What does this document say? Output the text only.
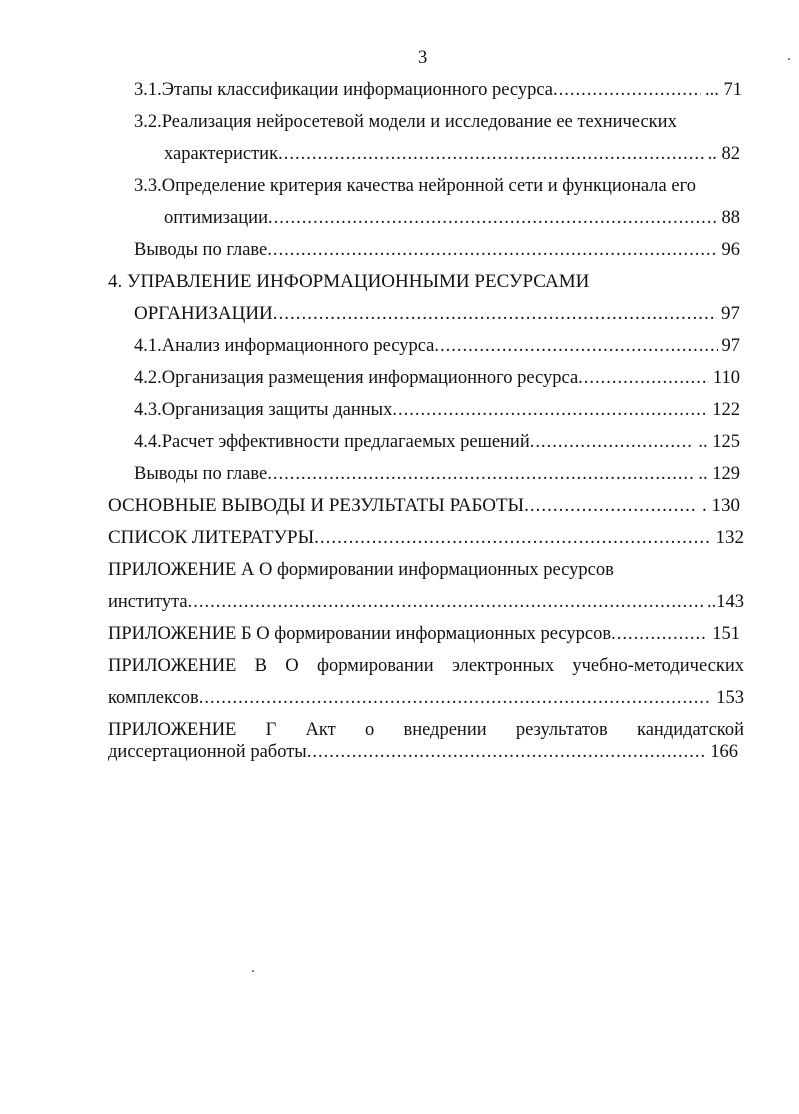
3
3.1.Этапы классификации информационного ресурса .....	... 71
3.2.Реализация нейросетевой модели и исследование ее технических
характеристик .....	.. 82
3.3.Определение критерия качества нейронной сети и функционала его
оптимизации .....	88
Выводы по главе .....	96
4. УПРАВЛЕНИЕ ИНФОРМАЦИОННЫМИ РЕСУРСАМИ
ОРГАНИЗАЦИИ .....	97
4.1.Анализ информационного ресурса .....	97
4.2.Организация размещения информационного ресурса .....	110
4.3.Организация защиты данных .....	122
4.4.Расчет эффективности предлагаемых решений .....	.. 125
Выводы по главе .....	.. 129
ОСНОВНЫЕ ВЫВОДЫ И РЕЗУЛЬТАТЫ РАБОТЫ .....	. 130
СПИСОК ЛИТЕРАТУРЫ .....	132
ПРИЛОЖЕНИЕ А О формировании информационных ресурсов
института .....	..143
ПРИЛОЖЕНИЕ Б О формировании информационных ресурсов .....	151
ПРИЛОЖЕНИЕ В О формировании электронных учебно-методических
комплексов .....	153
ПРИЛОЖЕНИЕ Г Акт о внедрении результатов кандидатской
диссертационной работы .....	166
